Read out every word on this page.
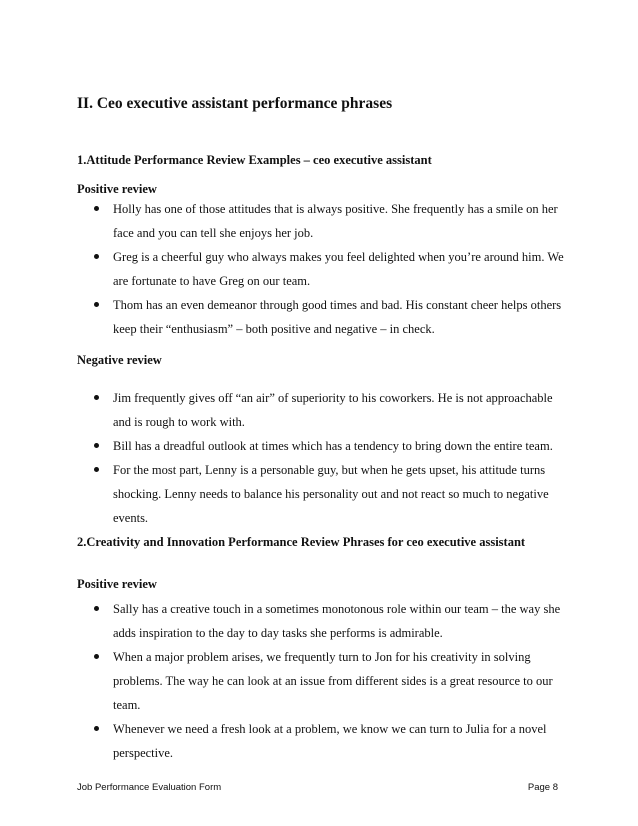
II. Ceo executive assistant performance phrases
1.Attitude Performance Review Examples – ceo executive assistant
Positive review
Holly has one of those attitudes that is always positive. She frequently has a smile on her face and you can tell she enjoys her job.
Greg is a cheerful guy who always makes you feel delighted when you’re around him. We are fortunate to have Greg on our team.
Thom has an even demeanor through good times and bad. His constant cheer helps others keep their “enthusiasm” – both positive and negative – in check.
Negative review
Jim frequently gives off “an air” of superiority to his coworkers. He is not approachable and is rough to work with.
Bill has a dreadful outlook at times which has a tendency to bring down the entire team.
For the most part, Lenny is a personable guy, but when he gets upset, his attitude turns shocking. Lenny needs to balance his personality out and not react so much to negative events.
2.Creativity and Innovation Performance Review Phrases for ceo executive assistant
Positive review
Sally has a creative touch in a sometimes monotonous role within our team – the way she adds inspiration to the day to day tasks she performs is admirable.
When a major problem arises, we frequently turn to Jon for his creativity in solving problems. The way he can look at an issue from different sides is a great resource to our team.
Whenever we need a fresh look at a problem, we know we can turn to Julia for a novel perspective.
Job Performance Evaluation Form	Page 8
